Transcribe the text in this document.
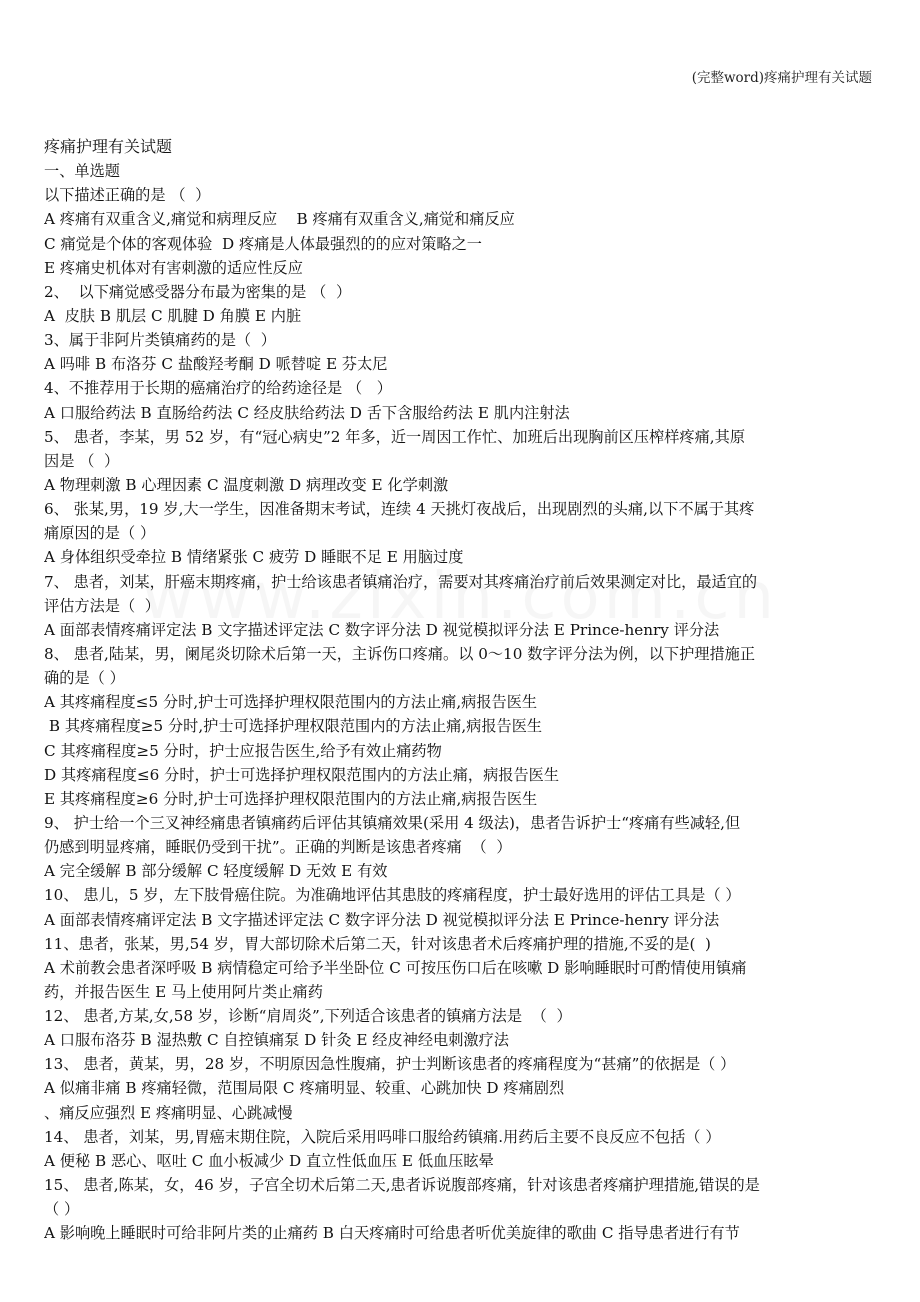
(完整word)疼痛护理有关试题
疼痛护理有关试题
一、单选题
以下描述正确的是 （  ）
A 疼痛有双重含义,痛觉和病理反应    B 疼痛有双重含义,痛觉和痛反应
C 痛觉是个体的客观体验  D 疼痛是人体最强烈的的应对策略之一
E 疼痛史机体对有害刺激的适应性反应
2、  以下痛觉感受器分布最为密集的是 （  ）
A  皮肤 B 肌层 C 肌腱 D 角膜 E 内脏
3、属于非阿片类镇痛药的是（  ）
A 吗啡 B 布洛芬 C 盐酸羟考酮 D 哌替啶 E 芬太尼
4、不推荐用于长期的癌痛治疗的给药途径是 （   ）
A 口服给药法 B 直肠给药法 C 经皮肤给药法 D 舌下含服给药法 E 肌内注射法
5、 患者，李某，男 52 岁，有“冠心病史”2 年多，近一周因工作忙、加班后出现胸前区压榨样疼痛,其原
因是 （  ）
A 物理刺激 B 心理因素 C 温度刺激 D 病理改变 E 化学刺激
6、 张某,男，19 岁,大一学生，因准备期末考试，连续 4 天挑灯夜战后，出现剧烈的头痛,以下不属于其疼
痛原因的是（ ）
A 身体组织受牵拉 B 情绪紧张 C 疲劳 D 睡眠不足 E 用脑过度
7、 患者，刘某，肝癌末期疼痛，护士给该患者镇痛治疗，需要对其疼痛治疗前后效果测定对比，最适宜的
评估方法是（  ）
A 面部表情疼痛评定法 B 文字描述评定法 C 数字评分法 D 视觉模拟评分法 E Prince-henry 评分法
8、 患者,陆某，男，阑尾炎切除术后第一天，主诉伤口疼痛。以 0～10 数字评分法为例，以下护理措施正
确的是（ ）
A 其疼痛程度≤5 分时,护士可选择护理权限范围内的方法止痛,病报告医生
B 其疼痛程度≥5 分时,护士可选择护理权限范围内的方法止痛,病报告医生
C 其疼痛程度≥5 分时，护士应报告医生,给予有效止痛药物
D 其疼痛程度≤6 分时，护士可选择护理权限范围内的方法止痛，病报告医生
E 其疼痛程度≥6 分时,护士可选择护理权限范围内的方法止痛,病报告医生
9、 护士给一个三叉神经痛患者镇痛药后评估其镇痛效果(采用 4 级法)，患者告诉护士“疼痛有些减轻,但
仍感到明显疼痛，睡眠仍受到干扰”。正确的判断是该患者疼痛  （  ）
A 完全缓解 B 部分缓解 C 轻度缓解 D 无效 E 有效
10、 患儿，5 岁，左下肢骨癌住院。为准确地评估其患肢的疼痛程度，护士最好选用的评估工具是（ ）
A 面部表情疼痛评定法 B 文字描述评定法 C 数字评分法 D 视觉模拟评分法 E Prince-henry 评分法
11、患者，张某，男,54 岁，胃大部切除术后第二天，针对该患者术后疼痛护理的措施,不妥的是(  )
A 术前教会患者深呼吸 B 病情稳定可给予半坐卧位 C 可按压伤口后在咳嗽 D 影响睡眠时可酌情使用镇痛
药，并报告医生 E 马上使用阿片类止痛药
12、 患者,方某,女,58 岁，诊断“肩周炎”,下列适合该患者的镇痛方法是  （  ）
A 口服布洛芬 B 湿热敷 C 自控镇痛泵 D 针灸 E 经皮神经电刺激疗法
13、 患者，黄某，男，28 岁，不明原因急性腹痛，护士判断该患者的疼痛程度为“甚痛”的依据是（ ）
A 似痛非痛 B 疼痛轻微，范围局限 C 疼痛明显、较重、心跳加快 D 疼痛剧烈
、痛反应强烈 E 疼痛明显、心跳减慢
14、 患者，刘某，男,胃癌末期住院，入院后采用吗啡口服给药镇痛.用药后主要不良反应不包括（ ）
A 便秘 B 恶心、呕吐 C 血小板减少 D 直立性低血压 E 低血压眩晕
15、 患者,陈某，女，46 岁，子宫全切术后第二天,患者诉说腹部疼痛，针对该患者疼痛护理措施,错误的是
（ ）
A 影响晚上睡眠时可给非阿片类的止痛药 B 白天疼痛时可给患者听优美旋律的歌曲 C 指导患者进行有节
